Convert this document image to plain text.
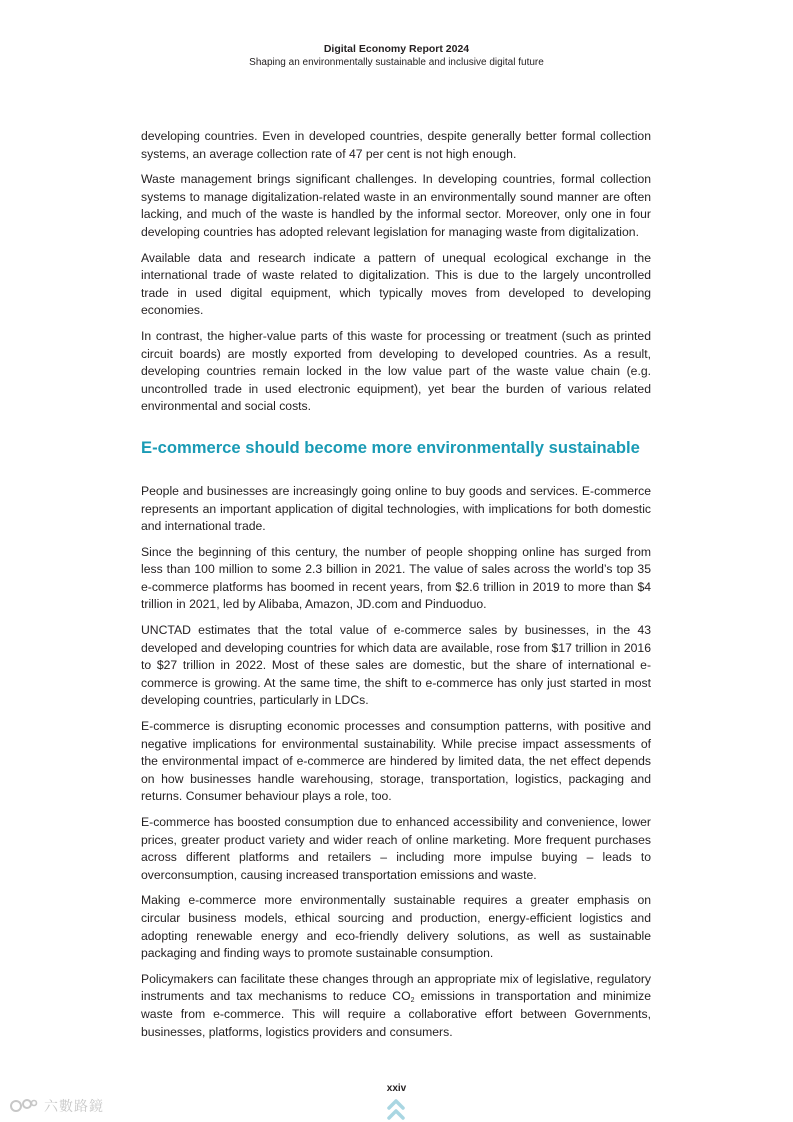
Digital Economy Report 2024
Shaping an environmentally sustainable and inclusive digital future

developing countries. Even in developed countries, despite generally better formal collection systems, an average collection rate of 47 per cent is not high enough.

Waste management brings significant challenges. In developing countries, formal collection systems to manage digitalization-related waste in an environmentally sound manner are often lacking, and much of the waste is handled by the informal sector. Moreover, only one in four developing countries has adopted relevant legislation for managing waste from digitalization.

Available data and research indicate a pattern of unequal ecological exchange in the international trade of waste related to digitalization. This is due to the largely uncontrolled trade in used digital equipment, which typically moves from developed to developing economies.

In contrast, the higher-value parts of this waste for processing or treatment (such as printed circuit boards) are mostly exported from developing to developed countries. As a result, developing countries remain locked in the low value part of the waste value chain (e.g. uncontrolled trade in used electronic equipment), yet bear the burden of various related environmental and social costs.

E-commerce should become more environmentally sustainable

People and businesses are increasingly going online to buy goods and services. E-commerce represents an important application of digital technologies, with implications for both domestic and international trade.

Since the beginning of this century, the number of people shopping online has surged from less than 100 million to some 2.3 billion in 2021. The value of sales across the world’s top 35 e-commerce platforms has boomed in recent years, from $2.6 trillion in 2019 to more than $4 trillion in 2021, led by Alibaba, Amazon, JD.com and Pinduoduo.

UNCTAD estimates that the total value of e-commerce sales by businesses, in the 43 developed and developing countries for which data are available, rose from $17 trillion in 2016 to $27 trillion in 2022. Most of these sales are domestic, but the share of international e-commerce is growing. At the same time, the shift to e-commerce has only just started in most developing countries, particularly in LDCs.

E-commerce is disrupting economic processes and consumption patterns, with positive and negative implications for environmental sustainability. While precise impact assessments of the environmental impact of e-commerce are hindered by limited data, the net effect depends on how businesses handle warehousing, storage, transportation, logistics, packaging and returns. Consumer behaviour plays a role, too.

E-commerce has boosted consumption due to enhanced accessibility and convenience, lower prices, greater product variety and wider reach of online marketing. More frequent purchases across different platforms and retailers – including more impulse buying – leads to overconsumption, causing increased transportation emissions and waste.

Making e-commerce more environmentally sustainable requires a greater emphasis on circular business models, ethical sourcing and production, energy-efficient logistics and adopting renewable energy and eco-friendly delivery solutions, as well as sustainable packaging and finding ways to promote sustainable consumption.

Policymakers can facilitate these changes through an appropriate mix of legislative, regulatory instruments and tax mechanisms to reduce $CO_2$ emissions in transportation and minimize waste from e-commerce. This will require a collaborative effort between Governments, businesses, platforms, logistics providers and consumers.

xxiv
六數路鏡
